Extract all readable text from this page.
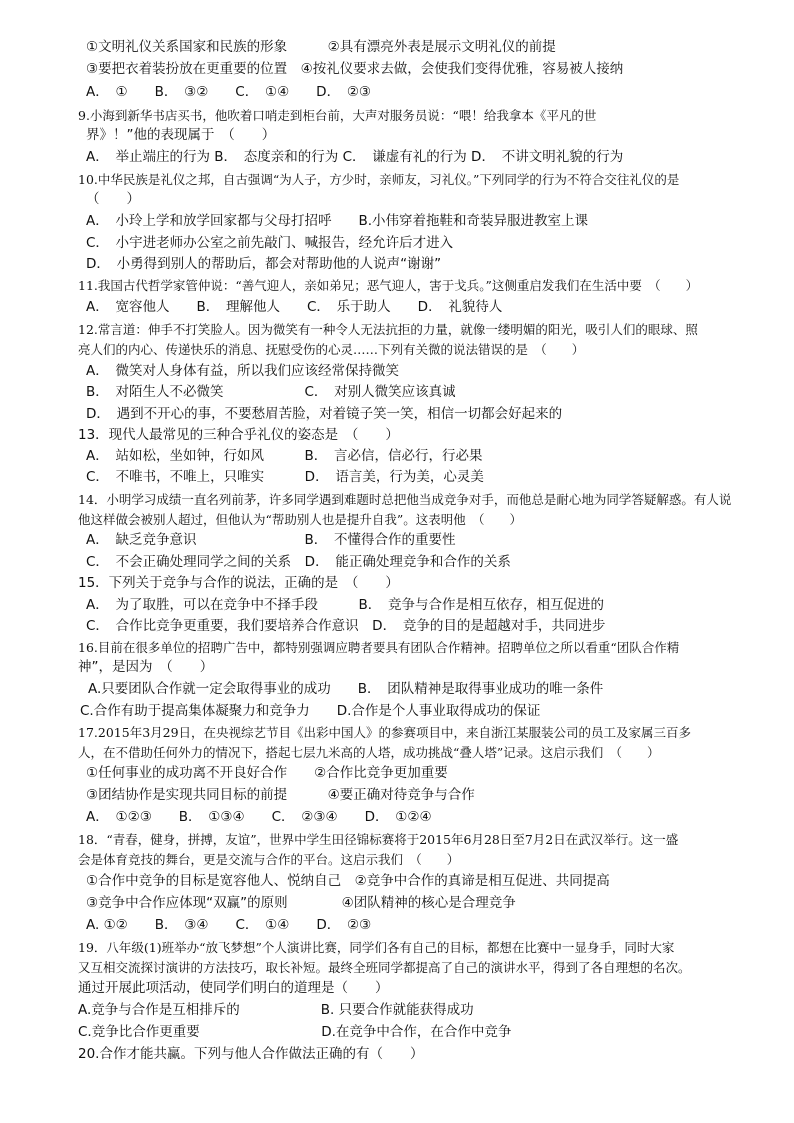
①文明礼仪关系国家和民族的形象　　　②具有漂亮外表是展示文明礼仪的前提
③要把衣着装扮放在更重要的位置　④按礼仪要求去做，会使我们变得优雅，容易被人接纳
A．　①　　B．　③②　　C．　①④　　D．　②③
9.小海到新华书店买书，他吹着口哨走到柜台前，大声对服务员说：“喂！给我拿本《平凡的世
界》！”他的表现属于　（　　）
A．　举止端庄的行为 B．　态度亲和的行为 C．　谦虚有礼的行为 D．　不讲文明礼貌的行为
10.中华民族是礼仪之邦，自古强调“为人子，方少时，亲师友，习礼仪。”下列同学的行为不符合交往礼仪的是
（　　）
A．　小玲上学和放学回家都与父母打招呼　　B.小伟穿着拖鞋和奇装异服进教室上课
C．　小宇进老师办公室之前先敲门、喊报告，经允许后才进入
D．　小勇得到别人的帮助后，都会对帮助他的人说声“谢谢”
11.我国古代哲学家管仲说：“善气迎人，亲如弟兄；恶气迎人，害于戈兵。”这侧重启发我们在生活中要　（　　）
A．　宽容他人　　B．　理解他人　　C．　乐于助人　　D．　礼貌待人
12.常言道：伸手不打笑脸人。因为微笑有一种令人无法抗拒的力量，就像一缕明媚的阳光，吸引人们的眼球、照
亮人们的内心、传递快乐的消息、抚慰受伤的心灵……下列有关微的说法错误的是　（　　）
A．　微笑对人身体有益，所以我们应该经常保持微笑
B．　对陌生人不必微笑　　　　　　C．　对别人微笑应该真诚
D．　遇到不开心的事，不要愁眉苦脸，对着镜子笑一笑，相信一切都会好起来的
13．现代人最常见的三种合乎礼仪的姿态是　（　　）
A．　站如松，坐如钟，行如风　　　B．　言必信，信必行，行必果
C．　不唯书，不唯上，只唯实　　　D．　语言美，行为美，心灵美
14．小明学习成绩一直名列前茅，许多同学遇到难题时总把他当成竞争对手，而他总是耐心地为同学答疑解惑。有人说
他这样做会被别人超过，但他认为“帮助别人也是提升自我”。这表明他　（　　）
A．　缺乏竞争意识　　　　　　　　B．　不懂得合作的重要性
C．　不会正确处理同学之间的关系　D．　能正确处理竞争和合作的关系
15．下列关于竞争与合作的说法，正确的是　（　　）
A．　为了取胜，可以在竞争中不择手段　　　B．　竞争与合作是相互依存，相互促进的
C．　合作比竞争更重要，我们要培养合作意识　D．　竞争的目的是超越对手，共同进步
16.目前在很多单位的招聘广告中，都特别强调应聘者要具有团队合作精神。招聘单位之所以看重“团队合作精
神”，是因为　（　　）
A.只要团队合作就一定会取得事业的成功　　B．　团队精神是取得事业成功的唯一条件
C.合作有助于提高集体凝聚力和竞争力　　D.合作是个人事业取得成功的保证
17.2015年3月29日，在央视综艺节目《出彩中国人》的参赛项目中，来自浙江某服装公司的员工及家属三百多
人，在不借助任何外力的情况下，搭起七层九米高的人塔，成功挑战“叠人塔”记录。这启示我们　（　　）
①任何事业的成功离不开良好合作　　②合作比竞争更加重要
③团结协作是实现共同目标的前提　　　④要正确对待竞争与合作
A．　①②③　　B．　①③④　　C．　②③④　　D．　①②④
18．“青春，健身，拼搏，友谊”，世界中学生田径锦标赛将于2015年6月28日至7月2日在武汉举行。这一盛
会是体育竞技的舞台，更是交流与合作的平台。这启示我们　（　　）
①合作中竞争的目标是宽容他人、悦纳自己　②竞争中合作的真谛是相互促进、共同提高
③竞争中合作应体现“双赢”的原则　　　　④团队精神的核心是合理竞争
A. ①②　　B．　③④　　C．　①④　　D．　②③
19．八年级(1)班举办“放飞梦想”个人演讲比赛，同学们各有自己的目标，都想在比赛中一显身手，同时大家
又互相交流探讨演讲的方法技巧，取长补短。最终全班同学都提高了自己的演讲水平，得到了各自理想的名次。
通过开展此项活动，使同学们明白的道理是（　　）
A.竞争与合作是互相排斥的　　　　　　B. 只要合作就能获得成功
C.竞争比合作更重要　　　　　　　　　D.在竞争中合作，在合作中竞争
20.合作才能共赢。下列与他人合作做法正确的有（　　）
